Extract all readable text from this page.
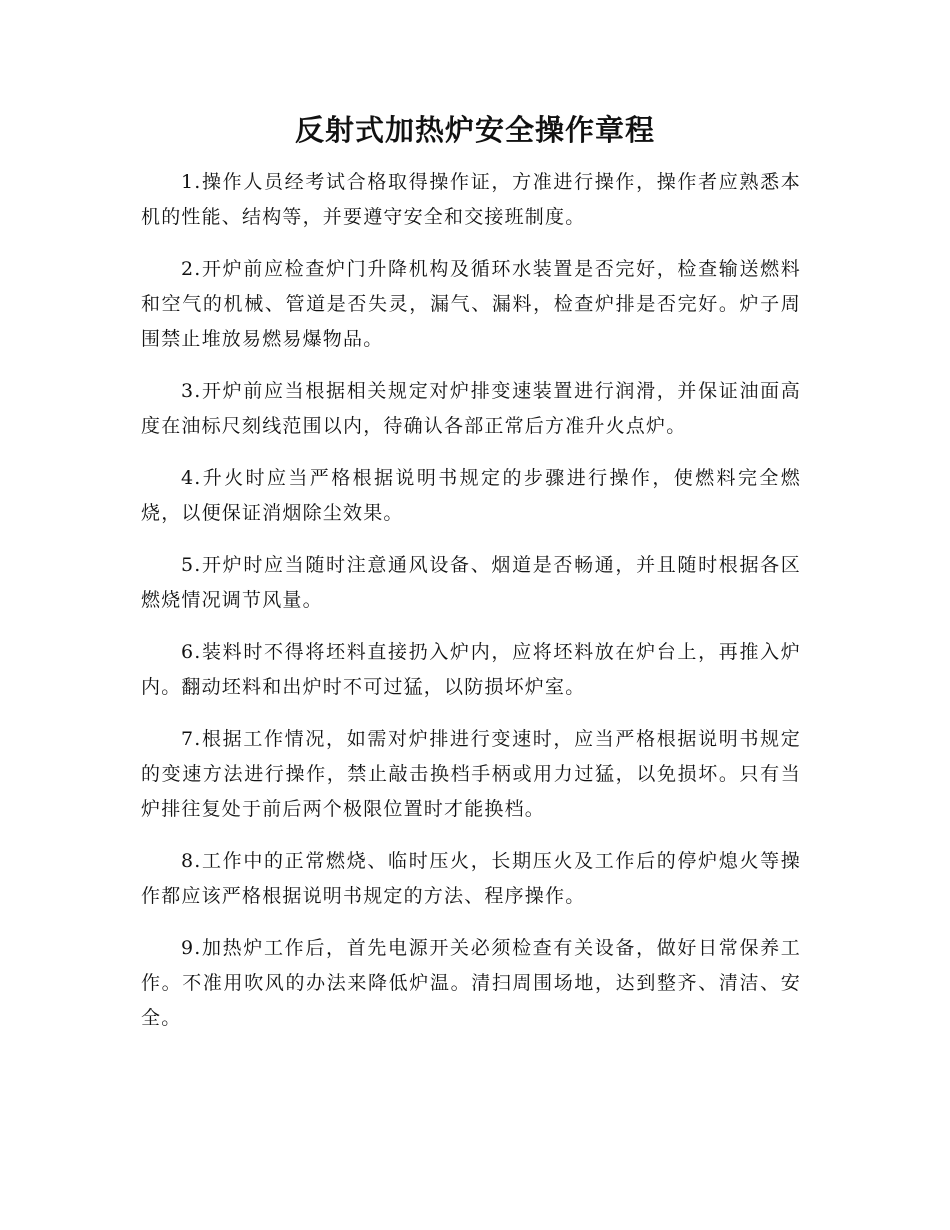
反射式加热炉安全操作章程

1.操作人员经考试合格取得操作证，方准进行操作，操作者应熟悉本机的性能、结构等，并要遵守安全和交接班制度。

2.开炉前应检查炉门升降机构及循环水装置是否完好，检查输送燃料和空气的机械、管道是否失灵，漏气、漏料，检查炉排是否完好。炉子周围禁止堆放易燃易爆物品。

3.开炉前应当根据相关规定对炉排变速装置进行润滑，并保证油面高度在油标尺刻线范围以内，待确认各部正常后方准升火点炉。

4.升火时应当严格根据说明书规定的步骤进行操作，使燃料完全燃烧，以便保证消烟除尘效果。

5.开炉时应当随时注意通风设备、烟道是否畅通，并且随时根据各区燃烧情况调节风量。

6.装料时不得将坯料直接扔入炉内，应将坯料放在炉台上，再推入炉内。翻动坯料和出炉时不可过猛，以防损坏炉室。

7.根据工作情况，如需对炉排进行变速时，应当严格根据说明书规定的变速方法进行操作，禁止敲击换档手柄或用力过猛，以免损坏。只有当炉排往复处于前后两个极限位置时才能换档。

8.工作中的正常燃烧、临时压火，长期压火及工作后的停炉熄火等操作都应该严格根据说明书规定的方法、程序操作。

9.加热炉工作后，首先电源开关必须检查有关设备，做好日常保养工作。不准用吹风的办法来降低炉温。清扫周围场地，达到整齐、清洁、安全。
